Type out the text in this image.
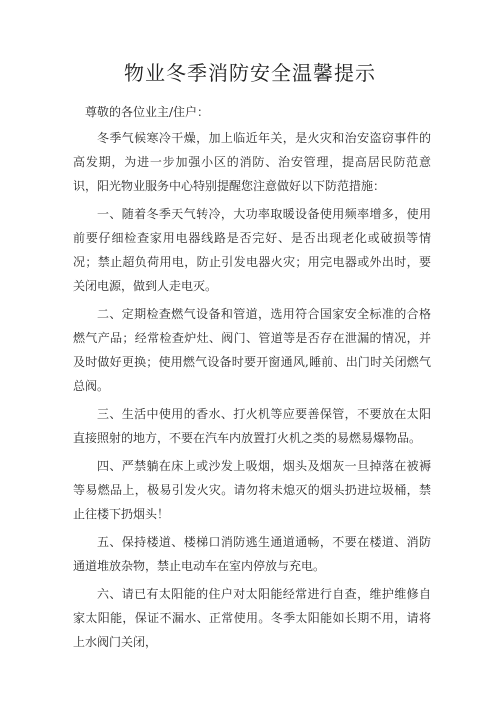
物业冬季消防安全温馨提示

尊敬的各位业主/住户：

冬季气候寒冷干燥，加上临近年关，是火灾和治安盗窃事件的高发期，为进一步加强小区的消防、治安管理，提高居民防范意识，阳光物业服务中心特别提醒您注意做好以下防范措施：

一、随着冬季天气转冷，大功率取暖设备使用频率增多，使用前要仔细检查家用电器线路是否完好、是否出现老化或破损等情况；禁止超负荷用电，防止引发电器火灾；用完电器或外出时，要关闭电源，做到人走电灭。

二、定期检查燃气设备和管道，选用符合国家安全标准的合格燃气产品；经常检查炉灶、阀门、管道等是否存在泄漏的情况，并及时做好更换；使用燃气设备时要开窗通风,睡前、出门时关闭燃气总阀。

三、生活中使用的香水、打火机等应要善保管，不要放在太阳直接照射的地方，不要在汽车内放置打火机之类的易燃易爆物品。

四、严禁躺在床上或沙发上吸烟，烟头及烟灰一旦掉落在被褥等易燃品上，极易引发火灾。请勿将未熄灭的烟头扔进垃圾桶，禁止往楼下扔烟头！

五、保持楼道、楼梯口消防逃生通道通畅，不要在楼道、消防通道堆放杂物，禁止电动车在室内停放与充电。

六、请已有太阳能的住户对太阳能经常进行自查，维护维修自家太阳能，保证不漏水、正常使用。冬季太阳能如长期不用，请将上水阀门关闭，
